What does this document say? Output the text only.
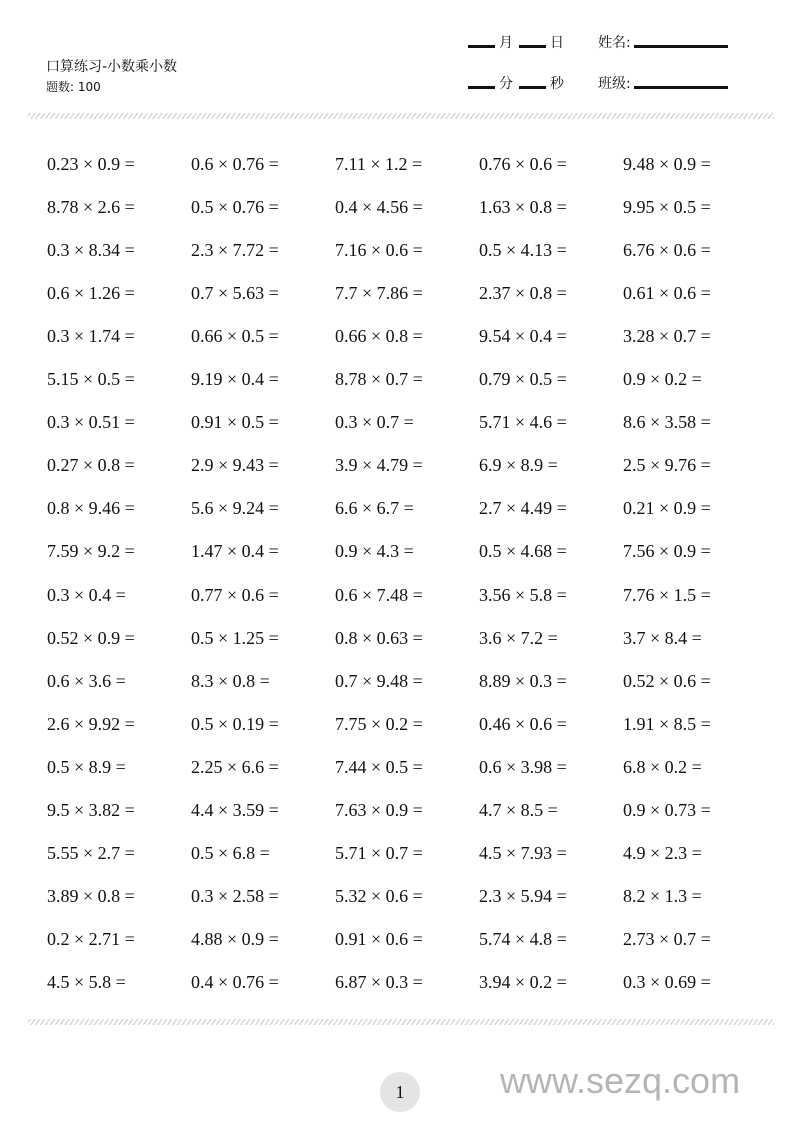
口算练习-小数乘小数
题数: 100
月	日 姓名:
分	秒 班级:
0.23 × 0.9 =	0.6 × 0.76 =	7.11 × 1.2 =	0.76 × 0.6 =	9.48 × 0.9 =
8.78 × 2.6 =	0.5 × 0.76 =	0.4 × 4.56 =	1.63 × 0.8 =	9.95 × 0.5 =
0.3 × 8.34 =	2.3 × 7.72 =	7.16 × 0.6 =	0.5 × 4.13 =	6.76 × 0.6 =
0.6 × 1.26 =	0.7 × 5.63 =	7.7 × 7.86 =	2.37 × 0.8 =	0.61 × 0.6 =
0.3 × 1.74 =	0.66 × 0.5 =	0.66 × 0.8 =	9.54 × 0.4 =	3.28 × 0.7 =
5.15 × 0.5 =	9.19 × 0.4 =	8.78 × 0.7 =	0.79 × 0.5 =	0.9 × 0.2 =
0.3 × 0.51 =	0.91 × 0.5 =	0.3 × 0.7 =	5.71 × 4.6 =	8.6 × 3.58 =
0.27 × 0.8 =	2.9 × 9.43 =	3.9 × 4.79 =	6.9 × 8.9 =	2.5 × 9.76 =
0.8 × 9.46 =	5.6 × 9.24 =	6.6 × 6.7 =	2.7 × 4.49 =	0.21 × 0.9 =
7.59 × 9.2 =	1.47 × 0.4 =	0.9 × 4.3 =	0.5 × 4.68 =	7.56 × 0.9 =
0.3 × 0.4 =	0.77 × 0.6 =	0.6 × 7.48 =	3.56 × 5.8 =	7.76 × 1.5 =
0.52 × 0.9 =	0.5 × 1.25 =	0.8 × 0.63 =	3.6 × 7.2 =	3.7 × 8.4 =
0.6 × 3.6 =	8.3 × 0.8 =	0.7 × 9.48 =	8.89 × 0.3 =	0.52 × 0.6 =
2.6 × 9.92 =	0.5 × 0.19 =	7.75 × 0.2 =	0.46 × 0.6 =	1.91 × 8.5 =
0.5 × 8.9 =	2.25 × 6.6 =	7.44 × 0.5 =	0.6 × 3.98 =	6.8 × 0.2 =
9.5 × 3.82 =	4.4 × 3.59 =	7.63 × 0.9 =	4.7 × 8.5 =	0.9 × 0.73 =
5.55 × 2.7 =	0.5 × 6.8 =	5.71 × 0.7 =	4.5 × 7.93 =	4.9 × 2.3 =
3.89 × 0.8 =	0.3 × 2.58 =	5.32 × 0.6 =	2.3 × 5.94 =	8.2 × 1.3 =
0.2 × 2.71 =	4.88 × 0.9 =	0.91 × 0.6 =	5.74 × 4.8 =	2.73 × 0.7 =
4.5 × 5.8 =	0.4 × 0.76 =	6.87 × 0.3 =	3.94 × 0.2 =	0.3 × 0.69 =
1	www.sezq.com
